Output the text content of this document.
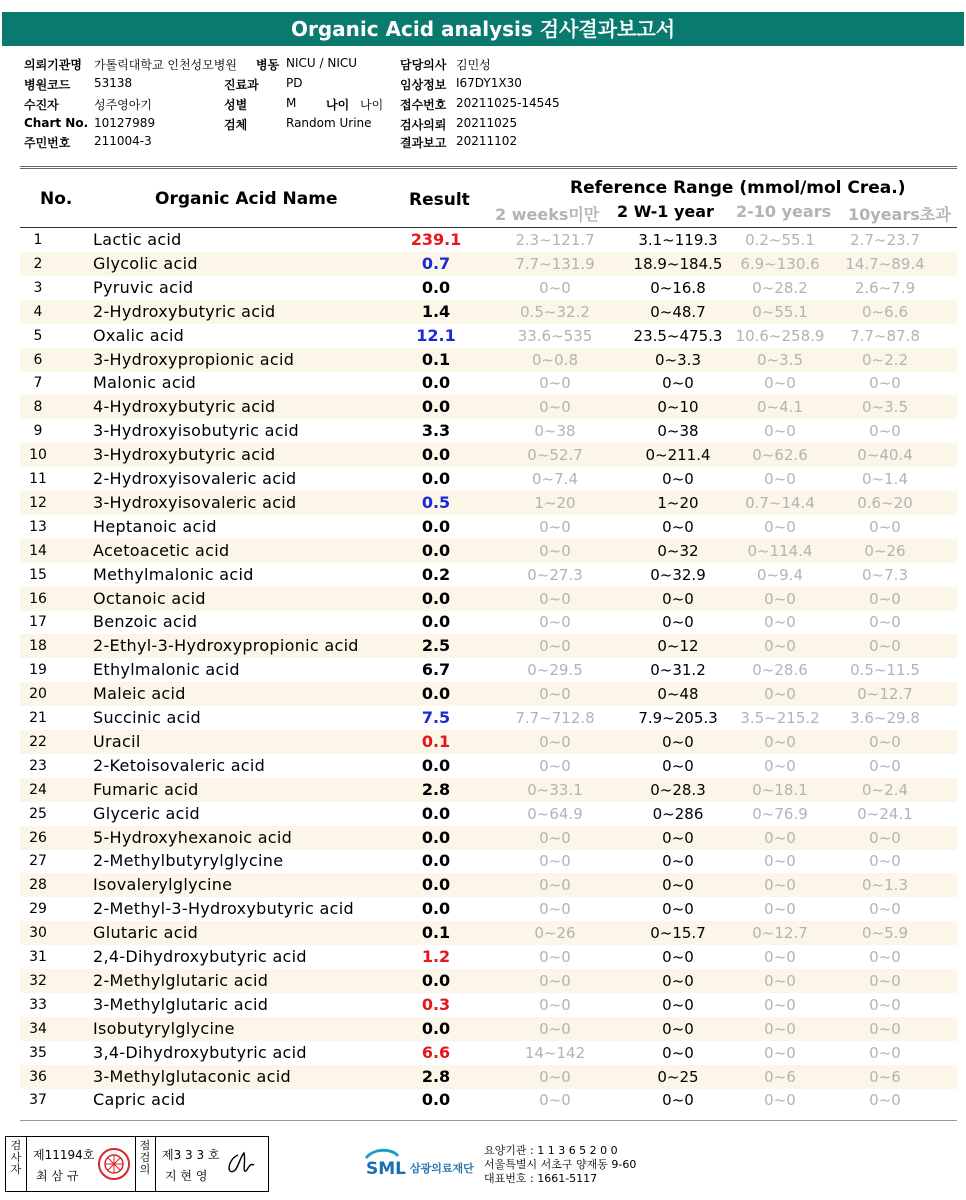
Organic Acid analysis 검사결과보고서
의뢰기관명 가톨릭대학교 인천성모병원 병동 NICU / NICU	담당의사 김민성
병원코드 53138	진료과 PD	임상정보 I67DY1X30
수진자	성주영아기	성별	M 나이 나이 접수번호 20211025-14545
Chart No. 10127989	검체	Random Urine 검사의뢰 20211025
주민번호 211004-3	결과보고 20211102
No.	Organic Acid Name	Result
Reference Range (mmol/mol Crea.)
2 weeks미만 2 W-1 year 2-10 years 10years초과
1	Lactic acid	239.1	2.3~121.7	3.1~119.3	0.2~55.1	2.7~23.7
2	Glycolic acid	0.7	7.7~131.9	18.9~184.5	6.9~130.6	14.7~89.4
3	Pyruvic acid	0.0	0~0	0~16.8	0~28.2	2.6~7.9
4	2-Hydroxybutyric acid	1.4	0.5~32.2	0~48.7	0~55.1	0~6.6
5	Oxalic acid	12.1	33.6~535	23.5~475.3 10.6~258.9	7.7~87.8
6	3-Hydroxypropionic acid	0.1	0~0.8	0~3.3	0~3.5	0~2.2
7	Malonic acid	0.0	0~0	0~0	0~0	0~0
8	4-Hydroxybutyric acid	0.0	0~0	0~10	0~4.1	0~3.5
9	3-Hydroxyisobutyric acid	3.3	0~38	0~38	0~0	0~0
10	3-Hydroxybutyric acid	0.0	0~52.7	0~211.4	0~62.6	0~40.4
11	2-Hydroxyisovaleric acid	0.0	0~7.4	0~0	0~0	0~1.4
12	3-Hydroxyisovaleric acid	0.5	1~20	1~20	0.7~14.4	0.6~20
13	Heptanoic acid	0.0	0~0	0~0	0~0	0~0
14	Acetoacetic acid	0.0	0~0	0~32	0~114.4	0~26
15	Methylmalonic acid	0.2	0~27.3	0~32.9	0~9.4	0~7.3
16	Octanoic acid	0.0	0~0	0~0	0~0	0~0
17	Benzoic acid	0.0	0~0	0~0	0~0	0~0
18	2-Ethyl-3-Hydroxypropionic acid	2.5	0~0	0~12	0~0	0~0
19	Ethylmalonic acid	6.7	0~29.5	0~31.2	0~28.6	0.5~11.5
20	Maleic acid	0.0	0~0	0~48	0~0	0~12.7
21	Succinic acid	7.5	7.7~712.8	7.9~205.3	3.5~215.2	3.6~29.8
22	Uracil	0.1	0~0	0~0	0~0	0~0
23	2-Ketoisovaleric acid	0.0	0~0	0~0	0~0	0~0
24	Fumaric acid	2.8	0~33.1	0~28.3	0~18.1	0~2.4
25	Glyceric acid	0.0	0~64.9	0~286	0~76.9	0~24.1
26	5-Hydroxyhexanoic acid	0.0	0~0	0~0	0~0	0~0
27	2-Methylbutyrylglycine	0.0	0~0	0~0	0~0	0~0
28	Isovalerylglycine	0.0	0~0	0~0	0~0	0~1.3
29	2-Methyl-3-Hydroxybutyric acid	0.0	0~0	0~0	0~0	0~0
30	Glutaric acid	0.1	0~26	0~15.7	0~12.7	0~5.9
31	2,4-Dihydroxybutyric acid	1.2	0~0	0~0	0~0	0~0
32	2-Methylglutaric acid	0.0	0~0	0~0	0~0	0~0
33	3-Methylglutaric acid	0.3	0~0	0~0	0~0	0~0
34	Isobutyrylglycine	0.0	0~0	0~0	0~0	0~0
35	3,4-Dihydroxybutyric acid	6.6	14~142	0~0	0~0	0~0
36	3-Methylglutaconic acid	2.8	0~0	0~25	0~6	0~6
37	Capric acid	0.0	0~0	0~0	0~0	0~0
검사자
제11194호
최 삼 규
점검의
제3 3 3 호
지 현 영	SML 삼광의료재단
요양기관 : 1 1 3 6 5 2 0 0
서울특별시 서초구 양재동 9-60
대표번호 : 1661-5117
